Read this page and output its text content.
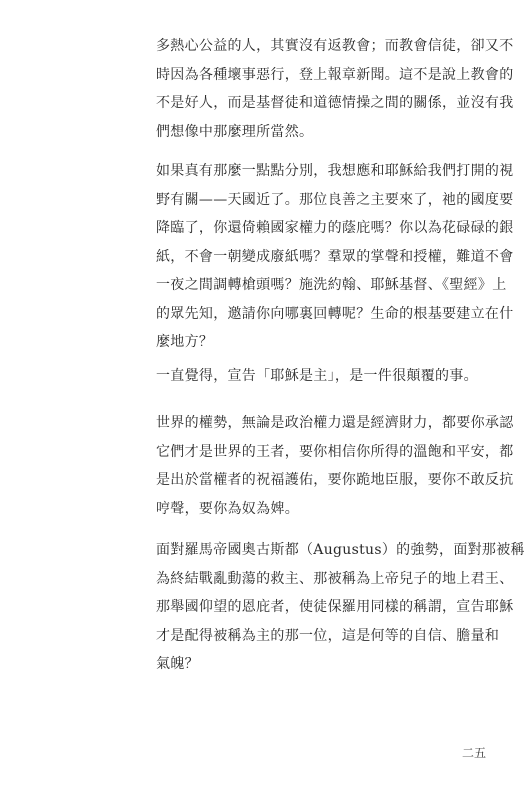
多熱心公益的人，其實沒有返教會；而教會信徒，卻又不
時因為各種壞事惡行，登上報章新聞。這不是說上教會的
不是好人，而是基督徒和道德情操之間的關係，並沒有我
們想像中那麼理所當然。

如果真有那麼一點點分別，我想應和耶穌給我們打開的視
野有關——天國近了。那位良善之主要來了，祂的國度要
降臨了，你還倚賴國家權力的蔭庇嗎？你以為花碌碌的銀
紙，不會一朝變成廢紙嗎？羣眾的掌聲和授權，難道不會
一夜之間調轉槍頭嗎？施洗約翰、耶穌基督、《聖經》上
的眾先知，邀請你向哪裏回轉呢？生命的根基要建立在什
麼地方？

一直覺得，宣告「耶穌是主」，是一件很顛覆的事。

世界的權勢，無論是政治權力還是經濟財力，都要你承認
它們才是世界的王者，要你相信你所得的溫飽和平安，都
是出於當權者的祝福護佑，要你跪地臣服，要你不敢反抗
哼聲，要你為奴為婢。

面對羅馬帝國奧古斯都（Augustus）的強勢，面對那被稱
為終結戰亂動蕩的救主、那被稱為上帝兒子的地上君王、
那舉國仰望的恩庇者，使徒保羅用同樣的稱謂，宣告耶穌
才是配得被稱為主的那一位，這是何等的自信、膽量和
氣魄？

二五
